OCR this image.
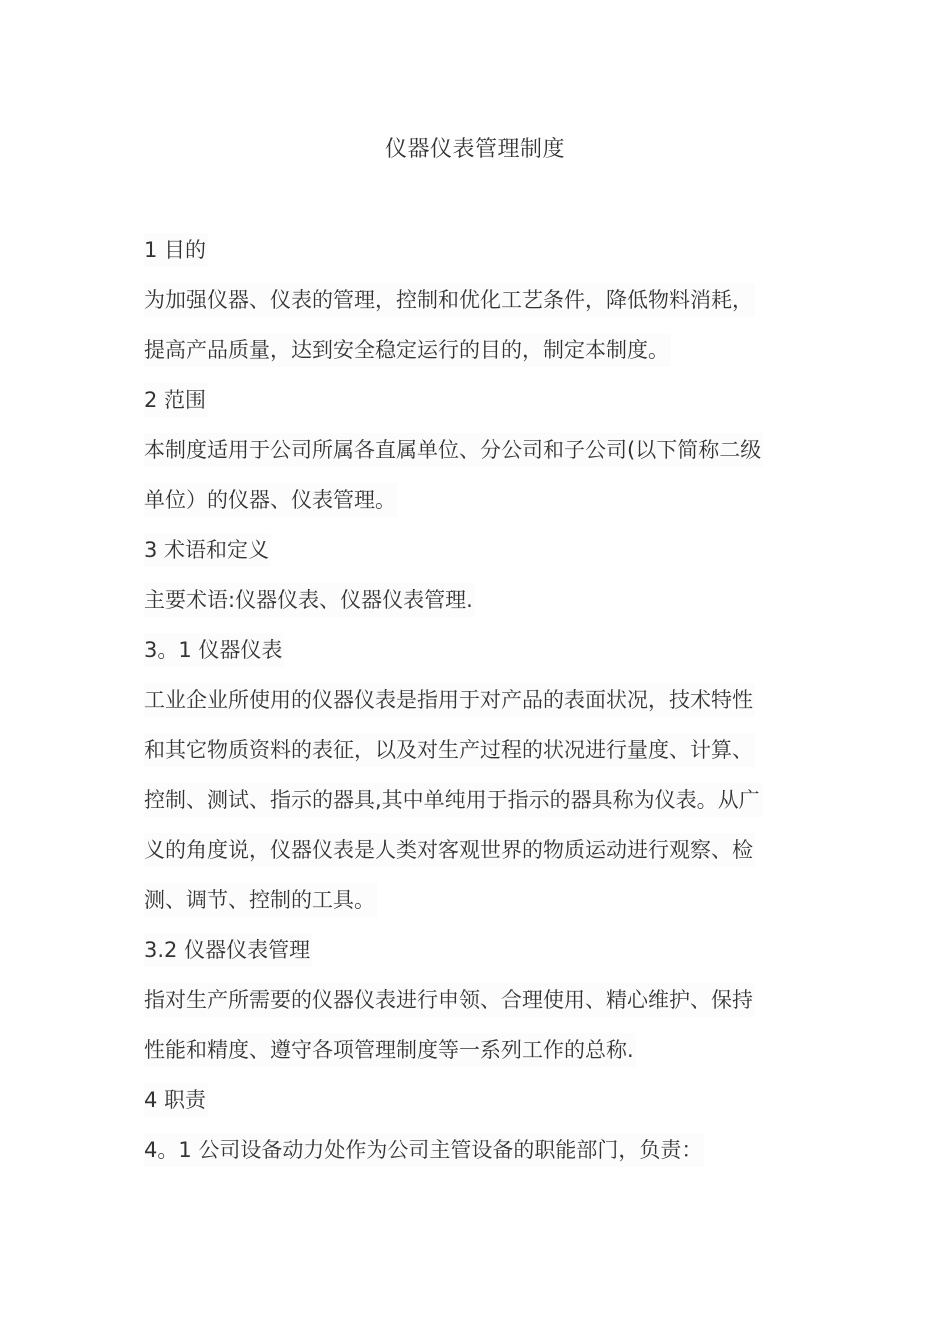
仪器仪表管理制度
1 目的
为加强仪器、仪表的管理，控制和优化工艺条件，降低物料消耗，
提高产品质量，达到安全稳定运行的目的，制定本制度。
2 范围
本制度适用于公司所属各直属单位、分公司和子公司(以下简称二级
单位）的仪器、仪表管理。
3 术语和定义
主要术语:仪器仪表、仪器仪表管理.
3。1 仪器仪表
工业企业所使用的仪器仪表是指用于对产品的表面状况，技术特性
和其它物质资料的表征，以及对生产过程的状况进行量度、计算、
控制、测试、指示的器具,其中单纯用于指示的器具称为仪表。从广
义的角度说，仪器仪表是人类对客观世界的物质运动进行观察、检
测、调节、控制的工具。
3.2 仪器仪表管理
指对生产所需要的仪器仪表进行申领、合理使用、精心维护、保持
性能和精度、遵守各项管理制度等一系列工作的总称.
4 职责
4。1 公司设备动力处作为公司主管设备的职能部门，负责：
